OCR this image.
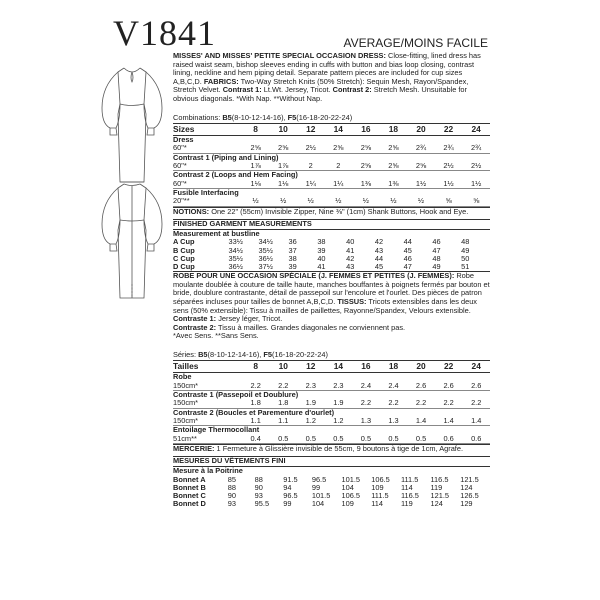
V1841	AVERAGE/MOINS FACILE

MISSES' AND MISSES' PETITE SPECIAL OCCASION DRESS: Close-fitting, lined dress has raised waist seam, bishop sleeves ending in cuffs with button and bias loop closing, contrast lining, neckline and hem piping detail. Separate pattern pieces are included for cup sizes A,B,C,D. FABRICS: Two-Way Stretch Knits (50% Stretch): Sequin Mesh, Rayon/Spandex, Stretch Velvet. Contrast 1: Lt.Wt. Jersey, Tricot. Contrast 2: Stretch Mesh. Unsuitable for obvious diagonals. *With Nap. **Without Nap.

Combinations: B5(8-10-12-14-16), F5(16-18-20-22-24)
Sizes	8	10	12	14	16	18	20	22	24
Dress									
60"*	2⅝	2⅝	2½	2⅝	2⅝	2⅝	2¾	2¾	2¾
Contrast 1 (Piping and Lining)									
60"*	1⅞	1⅞	2	2	2⅝	2⅝	2⅝	2½	2½
Contrast 2 (Loops and Hem Facing)									
60"*	1⅛	1⅛	1¼	1¼	1⅜	1⅜	1½	1½	1½
Fusible Interfacing									
20"**	½	½	½	½	½	½	½	⅝	⅝

NOTIONS: One 22" (55cm) Invisible Zipper, Nine ⅜" (1cm) Shank Buttons, Hook and Eye.

FINISHED GARMENT MEASUREMENTS
Measurement at bustline
A Cup	33½	34½	36	38	40	42	44	46	48
B Cup	34½	35½	37	39	41	43	45	47	49
C Cup	35½	36½	38	40	42	44	46	48	50
D Cup	36½	37½	39	41	43	45	47	49	51

ROBE POUR UNE OCCASION SPÉCIALE (J. FEMMES ET PETITES (J. FEMMES): Robe moulante doublée à couture de taille haute, manches bouffantes à poignets fermés par bouton et bride, doublure contrastante, détail de passepoil sur l'encolure et l'ourlet. Des pièces de patron séparées incluses pour tailles de bonnet A,B,C,D. TISSUS: Tricots extensibles dans les deux sens (50% extensible): Tissu à mailles de paillettes, Rayonne/Spandex, Velours extensible. Contraste 1: Jersey léger, Tricot.
Contraste 2: Tissu à mailles. Grandes diagonales ne conviennent pas.
*Avec Sens. **Sans Sens.

Séries: B5(8-10-12-14-16), F5(16-18-20-22-24)
Tailles	8	10	12	14	16	18	20	22	24
Robe									
150cm*	2.2	2.2	2.3	2.3	2.4	2.4	2.6	2.6	2.6
Contraste 1 (Passepoil et Doublure)									
150cm*	1.8	1.8	1.9	1.9	2.2	2.2	2.2	2.2	2.2
Contraste 2 (Boucles et Parementure d'ourlet)									
150cm*	1.1	1.1	1.2	1.2	1.3	1.3	1.4	1.4	1.4
Entoilage Thermocollant									
51cm**	0.4	0.5	0.5	0.5	0.5	0.5	0.5	0.6	0.6

MERCERIE: 1 Fermeture à Glissière invisible de 55cm, 9 boutons à tige de 1cm, Agrafe.

MESURES DU VÊTEMENTS FINI
Mesure à la Poitrine
Bonnet A	85	88	91.5	96.5	101.5	106.5	111.5	116.5	121.5
Bonnet B	88	90	94	99	104	109	114	119	124
Bonnet C	90	93	96.5	101.5	106.5	111.5	116.5	121.5	126.5
Bonnet D	93	95.5	99	104	109	114	119	124	129
